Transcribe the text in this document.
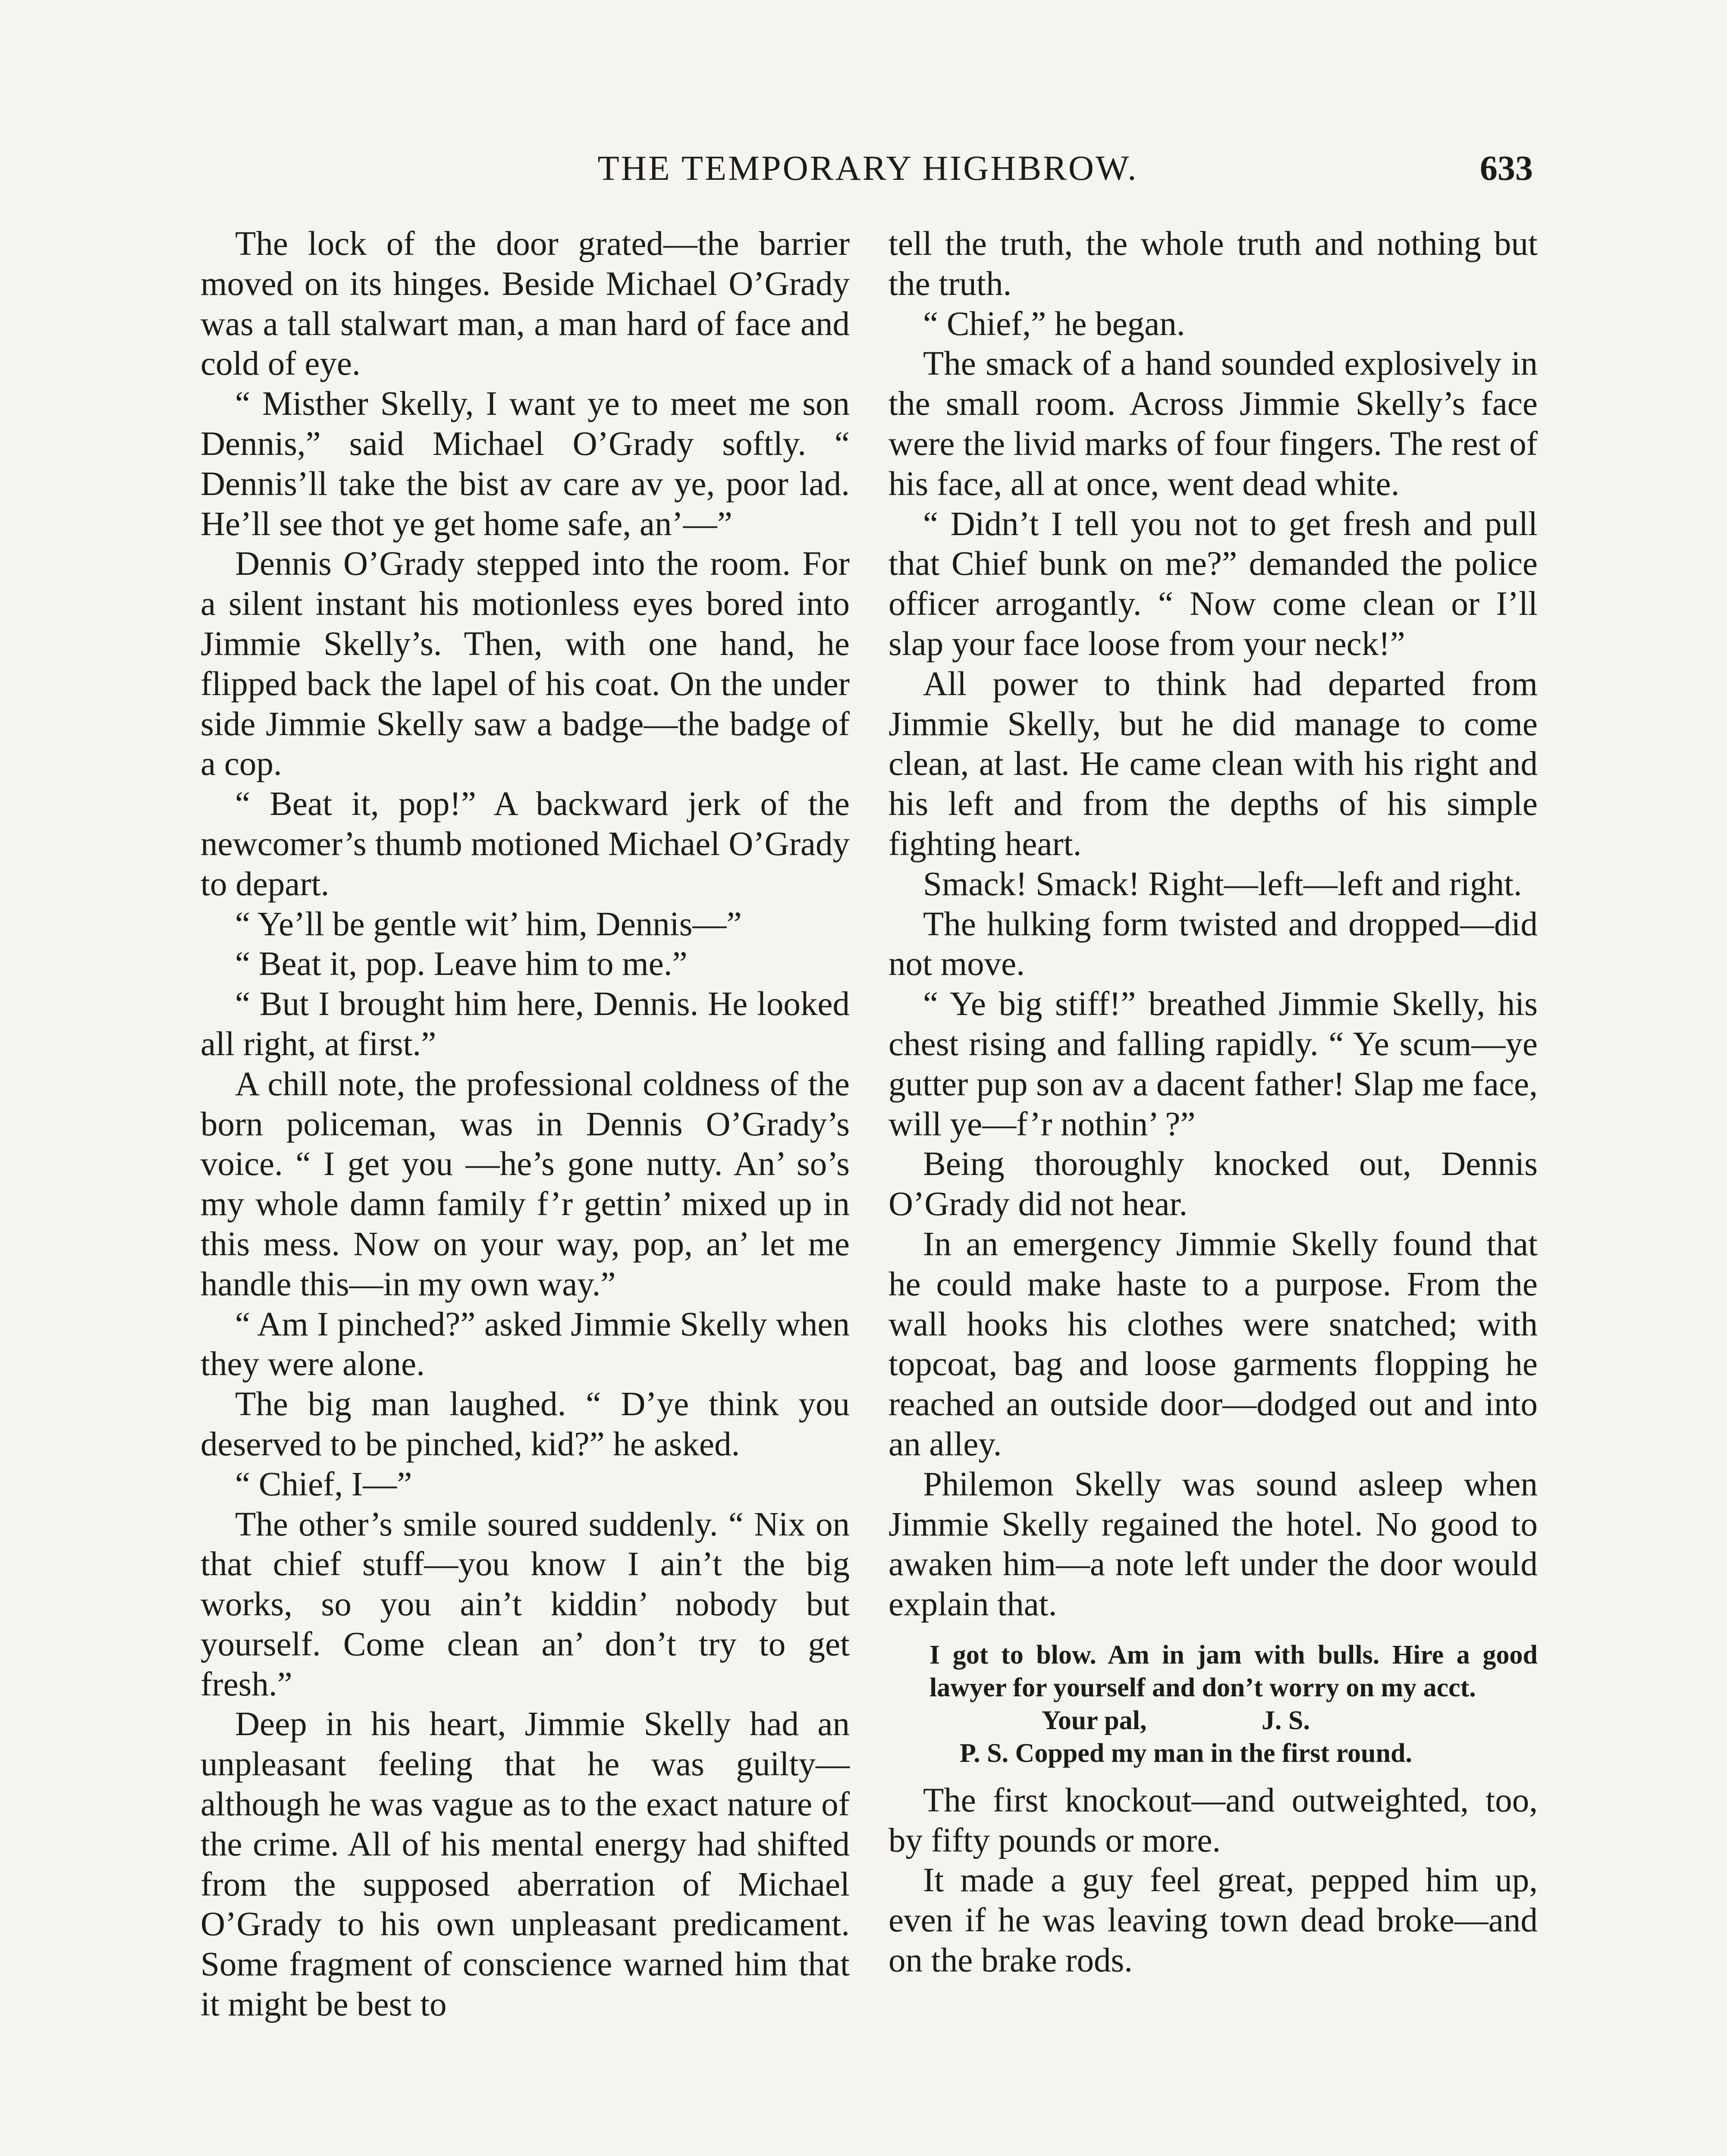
THE TEMPORARY HIGHBROW.	633

The lock of the door grated—the barrier moved on its hinges. Beside Michael O’Grady was a tall stalwart man, a man hard of face and cold of eye.

“ Misther Skelly, I want ye to meet me son Dennis,” said Michael O’Grady softly. “ Dennis’ll take the bist av care av ye, poor lad. He’ll see thot ye get home safe, an’—”

Dennis O’Grady stepped into the room. For a silent instant his motionless eyes bored into Jimmie Skelly’s. Then, with one hand, he flipped back the lapel of his coat. On the under side Jimmie Skelly saw a badge—the badge of a cop.

“ Beat it, pop!” A backward jerk of the newcomer’s thumb motioned Michael O’Grady to depart.

“ Ye’ll be gentle wit’ him, Dennis—”

“ Beat it, pop. Leave him to me.”

“ But I brought him here, Dennis. He looked all right, at first.”

A chill note, the professional coldness of the born policeman, was in Dennis O’Grady’s voice. “ I get you —he’s gone nutty. An’ so’s my whole damn family f’r gettin’ mixed up in this mess. Now on your way, pop, an’ let me handle this—in my own way.”

“ Am I pinched?” asked Jimmie Skelly when they were alone.

The big man laughed. “ D’ye think you deserved to be pinched, kid?” he asked.

“ Chief, I—”

The other’s smile soured suddenly. “ Nix on that chief stuff—you know I ain’t the big works, so you ain’t kiddin’ nobody but yourself. Come clean an’ don’t try to get fresh.”

Deep in his heart, Jimmie Skelly had an unpleasant feeling that he was guilty—although he was vague as to the exact nature of the crime. All of his mental energy had shifted from the supposed aberration of Michael O’Grady to his own unpleasant predicament. Some fragment of conscience warned him that it might be best to

tell the truth, the whole truth and nothing but the truth.

“ Chief,” he began.

The smack of a hand sounded explosively in the small room. Across Jimmie Skelly’s face were the livid marks of four fingers. The rest of his face, all at once, went dead white.

“ Didn’t I tell you not to get fresh and pull that Chief bunk on me?” demanded the police officer arrogantly. “ Now come clean or I’ll slap your face loose from your neck!”

All power to think had departed from Jimmie Skelly, but he did manage to come clean, at last. He came clean with his right and his left and from the depths of his simple fighting heart.

Smack! Smack! Right—left—left and right.

The hulking form twisted and dropped—did not move.

“ Ye big stiff!” breathed Jimmie Skelly, his chest rising and falling rapidly. “ Ye scum—ye gutter pup son av a dacent father! Slap me face, will ye—f’r nothin’ ?”

Being thoroughly knocked out, Dennis O’Grady did not hear.

In an emergency Jimmie Skelly found that he could make haste to a purpose. From the wall hooks his clothes were snatched; with topcoat, bag and loose garments flopping he reached an outside door—dodged out and into an alley.

Philemon Skelly was sound asleep when Jimmie Skelly regained the hotel. No good to awaken him—a note left under the door would explain that.

I got to blow. Am in jam with bulls. Hire a good lawyer for yourself and don’t worry on my acct.

Your pal,	J. S.

P. S. Copped my man in the first round.

The first knockout—and outweighted, too, by fifty pounds or more.

It made a guy feel great, pepped him up, even if he was leaving town dead broke—and on the brake rods.
